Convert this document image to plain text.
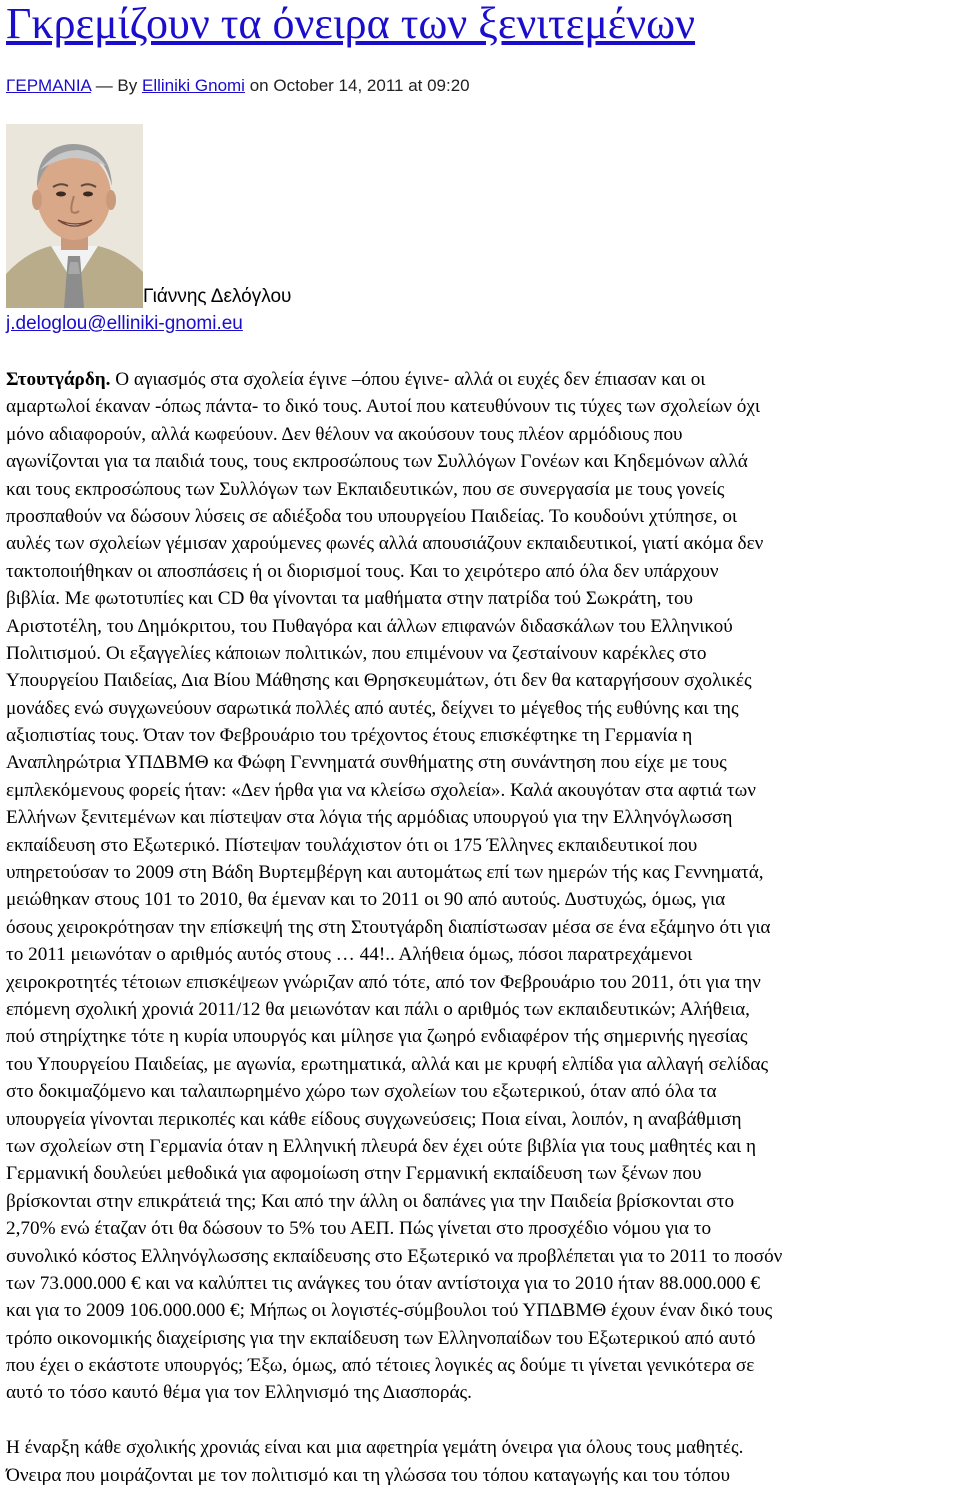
Γκρεμίζουν τα όνειρα των ξενιτεμένων
ΓΕΡΜΑΝΙΑ — By Elliniki Gnomi on October 14, 2011 at 09:20
Γιάννης Δελόγλου
j.deloglou@elliniki-gnomi.eu
Στουτγάρδη. Ο αγιασμός στα σχολεία έγινε –όπου έγινε- αλλά οι ευχές δεν έπιασαν και οι
αμαρτωλοί έκαναν -όπως πάντα- το δικό τους. Αυτοί που κατευθύνουν τις τύχες των σχολείων όχι
μόνο αδιαφορούν, αλλά κωφεύουν. Δεν θέλουν να ακούσουν τους πλέον αρμόδιους που
αγωνίζονται για τα παιδιά τους, τους εκπροσώπους των Συλλόγων Γονέων και Κηδεμόνων αλλά
και τους εκπροσώπους των Συλλόγων των Εκπαιδευτικών, που σε συνεργασία με τους γονείς
προσπαθούν να δώσουν λύσεις σε αδιέξοδα του υπουργείου Παιδείας. Το κουδούνι χτύπησε, οι
αυλές των σχολείων γέμισαν χαρούμενες φωνές αλλά απουσιάζουν εκπαιδευτικοί, γιατί ακόμα δεν
τακτοποιήθηκαν οι αποσπάσεις ή οι διορισμοί τους. Και το χειρότερο από όλα δεν υπάρχουν
βιβλία. Με φωτοτυπίες και CD θα γίνονται τα μαθήματα στην πατρίδα τού Σωκράτη, του
Αριστοτέλη, του Δημόκριτου, του Πυθαγόρα και άλλων επιφανών διδασκάλων του Ελληνικού
Πολιτισμού. Οι εξαγγελίες κάποιων πολιτικών, που επιμένουν να ζεσταίνουν καρέκλες στο
Υπουργείου Παιδείας, Δια Βίου Μάθησης και Θρησκευμάτων, ότι δεν θα καταργήσουν σχολικές
μονάδες ενώ συγχωνεύουν σαρωτικά πολλές από αυτές, δείχνει το μέγεθος τής ευθύνης και της
αξιοπιστίας τους. Όταν τον Φεβρουάριο του τρέχοντος έτους επισκέφτηκε τη Γερμανία η
Αναπληρώτρια ΥΠΔΒΜΘ κα Φώφη Γεννηματά συνθήματης στη συνάντηση που είχε με τους
εμπλεκόμενους φορείς ήταν: «Δεν ήρθα για να κλείσω σχολεία». Καλά ακουγόταν στα αφτιά των
Ελλήνων ξενιτεμένων και πίστεψαν στα λόγια τής αρμόδιας υπουργού για την Ελληνόγλωσση
εκπαίδευση στο Εξωτερικό. Πίστεψαν τουλάχιστον ότι οι 175 Έλληνες εκπαιδευτικοί που
υπηρετούσαν το 2009 στη Βάδη Βυρτεμβέργη και αυτομάτως επί των ημερών τής κας Γεννηματά,
μειώθηκαν στους 101 το 2010, θα έμεναν και το 2011 οι 90 από αυτούς. Δυστυχώς, όμως, για
όσους χειροκρότησαν την επίσκεψή της στη Στουτγάρδη διαπίστωσαν μέσα σε ένα εξάμηνο ότι για
το 2011 μειωνόταν ο αριθμός αυτός στους … 44!.. Αλήθεια όμως, πόσοι παρατρεχάμενοι
χειροκροτητές τέτοιων επισκέψεων γνώριζαν από τότε, από τον Φεβρουάριο του 2011, ότι για την
επόμενη σχολική χρονιά 2011/12 θα μειωνόταν και πάλι ο αριθμός των εκπαιδευτικών; Αλήθεια,
πού στηρίχτηκε τότε η κυρία υπουργός και μίλησε για ζωηρό ενδιαφέρον τής σημερινής ηγεσίας
του Υπουργείου Παιδείας, με αγωνία, ερωτηματικά, αλλά και με κρυφή ελπίδα για αλλαγή σελίδας
στο δοκιμαζόμενο και ταλαιπωρημένο χώρο των σχολείων του εξωτερικού, όταν από όλα τα
υπουργεία γίνονται περικοπές και κάθε είδους συγχωνεύσεις; Ποια είναι, λοιπόν, η αναβάθμιση
των σχολείων στη Γερμανία όταν η Ελληνική πλευρά δεν έχει ούτε βιβλία για τους μαθητές και η
Γερμανική δουλεύει μεθοδικά για αφομοίωση στην Γερμανική εκπαίδευση των ξένων που
βρίσκονται στην επικράτειά της; Και από την άλλη οι δαπάνες για την Παιδεία βρίσκονται στο
2,70% ενώ έταζαν ότι θα δώσουν το 5% του ΑΕΠ. Πώς γίνεται στο προσχέδιο νόμου για το
συνολικό κόστος Ελληνόγλωσσης εκπαίδευσης στο Εξωτερικό να προβλέπεται για το 2011 το ποσόν
των 73.000.000 € και να καλύπτει τις ανάγκες του όταν αντίστοιχα για το 2010 ήταν 88.000.000 €
και για το 2009 106.000.000 €; Μήπως οι λογιστές-σύμβουλοι τού ΥΠΔΒΜΘ έχουν έναν δικό τους
τρόπο οικονομικής διαχείρισης για την εκπαίδευση των Ελληνοπαίδων του Εξωτερικού από αυτό
που έχει ο εκάστοτε υπουργός; Έξω, όμως, από τέτοιες λογικές ας δούμε τι γίνεται γενικότερα σε
αυτό το τόσο καυτό θέμα για τον Ελληνισμό της Διασποράς.
Η έναρξη κάθε σχολικής χρονιάς είναι και μια αφετηρία γεμάτη όνειρα για όλους τους μαθητές.
Όνειρα που μοιράζονται με τον πολιτισμό και τη γλώσσα του τόπου καταγωγής και του τόπου
